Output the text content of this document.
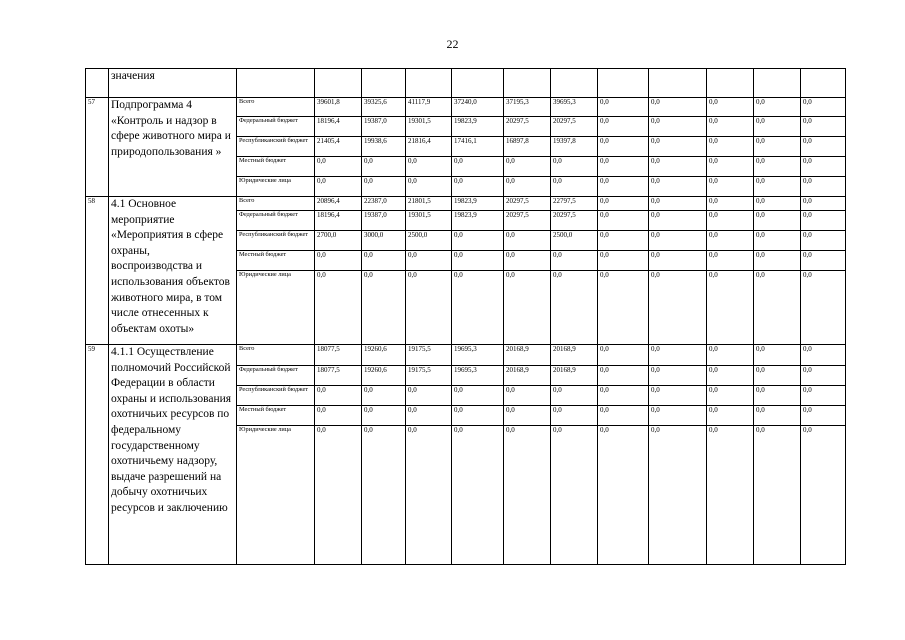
22
	значения												
57	Подпрограмма 4 «Контроль и надзор в сфере животного мира и природопользования »	Всего	39601,8	39325,6	41117,9	37240,0	37195,3	39695,3	0,0	0,0	0,0	0,0	0,0
		Федеральный бюджет	18196,4	19387,0	19301,5	19823,9	20297,5	20297,5	0,0	0,0	0,0	0,0	0,0
		Республиканский бюджет	21405,4	19938,6	21816,4	17416,1	16897,8	19397,8	0,0	0,0	0,0	0,0	0,0
		Местный бюджет	0,0	0,0	0,0	0,0	0,0	0,0	0,0	0,0	0,0	0,0	0,0
		Юридические лица	0,0	0,0	0,0	0,0	0,0	0,0	0,0	0,0	0,0	0,0	0,0
58	4.1 Основное мероприятие «Мероприятия в сфере охраны, воспроизводства и использования объектов животного мира, в том числе отнесенных к объектам охоты»	Всего	20896,4	22387,0	21801,5	19823,9	20297,5	22797,5	0,0	0,0	0,0	0,0	0,0
		Федеральный бюджет	18196,4	19387,0	19301,5	19823,9	20297,5	20297,5	0,0	0,0	0,0	0,0	0,0
		Республиканский бюджет	2700,0	3000,0	2500,0	0,0	0,0	2500,0	0,0	0,0	0,0	0,0	0,0
		Местный бюджет	0,0	0,0	0,0	0,0	0,0	0,0	0,0	0,0	0,0	0,0	0,0
		Юридические лица	0,0	0,0	0,0	0,0	0,0	0,0	0,0	0,0	0,0	0,0	0,0
59	4.1.1 Осуществление полномочий Российской Федерации в области охраны и использования охотничьих ресурсов по федеральному государственному охотничьему надзору, выдаче разрешений на добычу охотничьих ресурсов и заключению	Всего	18077,5	19260,6	19175,5	19695,3	20168,9	20168,9	0,0	0,0	0,0	0,0	0,0
		Федеральный бюджет	18077,5	19260,6	19175,5	19695,3	20168,9	20168,9	0,0	0,0	0,0	0,0	0,0
		Республиканский бюджет	0,0	0,0	0,0	0,0	0,0	0,0	0,0	0,0	0,0	0,0	0,0
		Местный бюджет	0,0	0,0	0,0	0,0	0,0	0,0	0,0	0,0	0,0	0,0	0,0
		Юридические лица	0,0	0,0	0,0	0,0	0,0	0,0	0,0	0,0	0,0	0,0	0,0
